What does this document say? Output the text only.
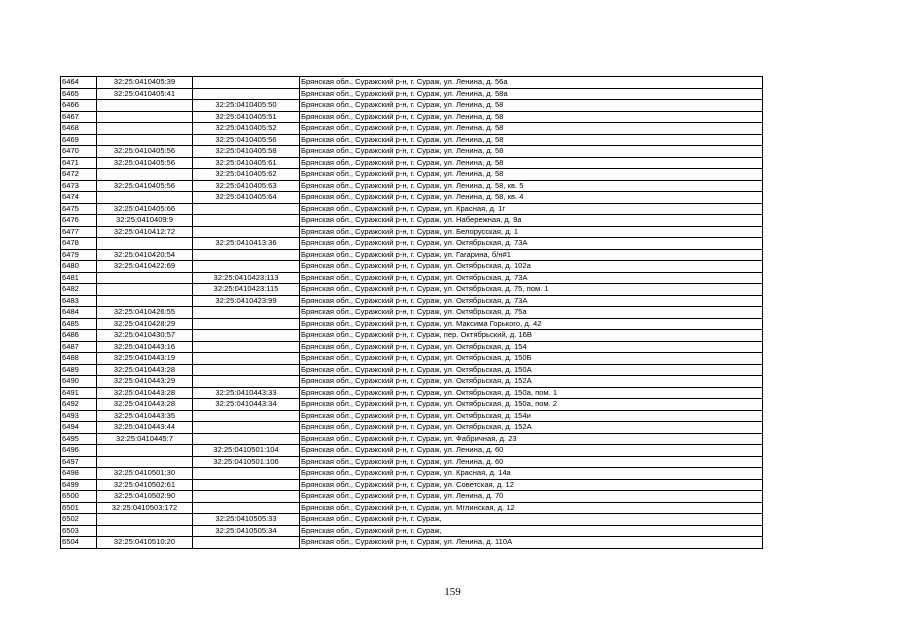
6464	32:25:0410405:39		Брянская обл., Суражский р-н, г. Сураж, ул. Ленина, д. 56а
6465	32:25:0410405:41		Брянская обл., Суражский р-н, г. Сураж, ул. Ленина, д. 58а
6466		32:25:0410405:50	Брянская обл., Суражский р-н, г. Сураж, ул. Ленина, д. 58
6467		32:25:0410405:51	Брянская обл., Суражский р-н, г. Сураж, ул. Ленина, д. 58
6468		32:25:0410405:52	Брянская обл., Суражский р-н, г. Сураж, ул. Ленина, д. 58
6469		32:25:0410405:56	Брянская обл., Суражский р-н, г. Сураж, ул. Ленина, д. 58
6470	32:25:0410405:56	32:25:0410405:58	Брянская обл., Суражский р-н, г. Сураж, ул. Ленина, д. 58
6471	32:25:0410405:56	32:25:0410405:61	Брянская обл., Суражский р-н, г. Сураж, ул. Ленина, д. 58
6472		32:25:0410405:62	Брянская обл., Суражский р-н, г. Сураж, ул. Ленина, д. 58
6473	32:25:0410405:56	32:25:0410405:63	Брянская обл., Суражский р-н, г. Сураж, ул. Ленина, д. 58, кв. 5
6474		32:25:0410405:64	Брянская обл., Суражский р-н, г. Сураж, ул. Ленина, д. 58, кв. 4
6475	32:25:0410405:66		Брянская обл., Суражский р-н, г. Сураж, ул. Красная, д. 1г
6476	32:25:0410409:9		Брянская обл., Суражский р-н, г. Сураж, ул. Набережная, д. 9а
6477	32:25:0410412:72		Брянская обл., Суражский р-н, г. Сураж, ул. Белорусская, д. 1
6478		32:25:0410413:36	Брянская обл., Суражский р-н, г. Сураж, ул. Октябрьская, д. 73А
6479	32:25:0410420:54		Брянская обл., Суражский р-н, г. Сураж, ул. Гагарина, б/н#1
6480	32:25:0410422:69		Брянская обл., Суражский р-н, г. Сураж, ул. Октябрьская, д. 102а
6481		32:25:0410423:113	Брянская обл., Суражский р-н, г. Сураж, ул. Октябрьская, д. 73А
6482		32:25:0410423:115	Брянская обл., Суражский р-н, г. Сураж, ул. Октябрьская, д. 75, пом. 1
6483		32:25:0410423:99	Брянская обл., Суражский р-н, г. Сураж, ул. Октябрьская, д. 73А
6484	32:25:0410426:55		Брянская обл., Суражский р-н, г. Сураж, ул. Октябрьская, д. 75а
6485	32:25:0410428:29		Брянская обл., Суражский р-н, г. Сураж, ул. Максима Горького, д. 42
6486	32:25:0410430:57		Брянская обл., Суражский р-н, г. Сураж, пер. Октябрьский, д. 16В
6487	32:25:0410443:16		Брянская обл., Суражский р-н, г. Сураж, ул. Октябрьская, д. 154
6488	32:25:0410443:19		Брянская обл., Суражский р-н, г. Сураж, ул. Октябрьская, д. 150Б
6489	32:25:0410443:28		Брянская обл., Суражский р-н, г. Сураж, ул. Октябрьская, д. 150А
6490	32:25:0410443:29		Брянская обл., Суражский р-н, г. Сураж, ул. Октябрьская, д. 152А
6491	32:25:0410443:28	32:25:0410443:33	Брянская обл., Суражский р-н, г. Сураж, ул. Октябрьская, д. 150а, пом. 1
6492	32:25:0410443:28	32:25:0410443:34	Брянская обл., Суражский р-н, г. Сураж, ул. Октябрьская, д. 150а, пом. 2
6493	32:25:0410443:35		Брянская обл., Суражский р-н, г. Сураж, ул. Октябрьская, д. 154и
6494	32:25:0410443:44		Брянская обл., Суражский р-н, г. Сураж, ул. Октябрьская, д. 152А
6495	32:25:0410445:7		Брянская обл., Суражский р-н, г. Сураж, ул. Фабричная, д. 23
6496		32:25:0410501:104	Брянская обл., Суражский р-н, г. Сураж, ул. Ленина, д. 60
6497		32:25:0410501:106	Брянская обл., Суражский р-н, г. Сураж, ул. Ленина, д. 60
6498	32:25:0410501:30		Брянская обл., Суражский р-н, г. Сураж, ул. Красная, д. 14а
6499	32:25:0410502:61		Брянская обл., Суражский р-н, г. Сураж, ул. Советская, д. 12
6500	32:25:0410502:90		Брянская обл., Суражский р-н, г. Сураж, ул. Ленина, д. 70
6501	32:25:0410503:172		Брянская обл., Суражский р-н, г. Сураж, ул. Мглинская, д. 12
6502		32:25:0410505:33	Брянская обл., Суражский р-н, г. Сураж,
6503		32:25:0410505:34	Брянская обл., Суражский р-н, г. Сураж,
6504	32:25:0410510:20		Брянская обл., Суражский р-н, г. Сураж, ул. Ленина, д. 110А
159
